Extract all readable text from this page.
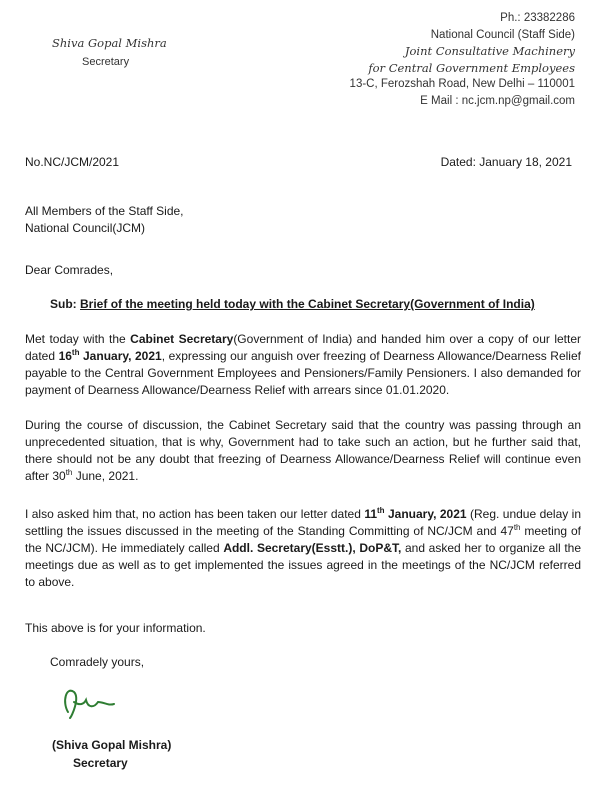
Shiva Gopal Mishra
Secretary
Ph.: 23382286
National Council (Staff Side)
Joint Consultative Machinery
for Central Government Employees
13-C, Ferozshah Road, New Delhi – 110001
E Mail : nc.jcm.np@gmail.com
No.NC/JCM/2021	Dated: January 18, 2021
All Members of the Staff Side,
National Council(JCM)
Dear Comrades,
Sub: Brief of the meeting held today with the Cabinet Secretary(Government of India)
Met today with the Cabinet Secretary(Government of India) and handed him over a copy of our letter dated 16th January, 2021, expressing our anguish over freezing of Dearness Allowance/Dearness Relief payable to the Central Government Employees and Pensioners/Family Pensioners. I also demanded for payment of Dearness Allowance/Dearness Relief with arrears since 01.01.2020.
During the course of discussion, the Cabinet Secretary said that the country was passing through an unprecedented situation, that is why, Government had to take such an action, but he further said that, there should not be any doubt that freezing of Dearness Allowance/Dearness Relief will continue even after 30th June, 2021.
I also asked him that, no action has been taken our letter dated 11th January, 2021 (Reg. undue delay in settling the issues discussed in the meeting of the Standing Committing of NC/JCM and 47th meeting of the NC/JCM). He immediately called Addl. Secretary(Esstt.), DoP&T, and asked her to organize all the meetings due as well as to get implemented the issues agreed in the meetings of the NC/JCM referred to above.
This above is for your information.
Comradely yours,
(Shiva Gopal Mishra)
Secretary
